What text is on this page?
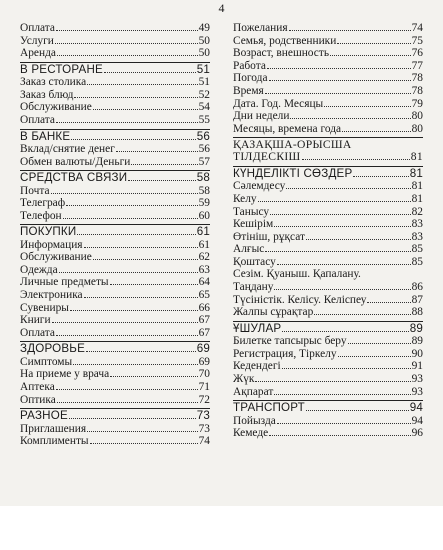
4
Оплата	49
Услуги	50
Аренда	50
В РЕСТОРАНЕ	51
Заказ столика	51
Заказ блюд	52
Обслуживание	54
Оплата	55
В БАНКЕ	56
Вклад/снятие денег	56
Обмен валюты/Деньги	57
СРЕДСТВА СВЯЗИ	58
Почта	58
Телеграф	59
Телефон	60
ПОКУПКИ	61
Информация	61
Обслуживание	62
Одежда	63
Личные предметы	64
Электроника	65
Сувениры	66
Книги	67
Оплата	67
ЗДОРОВЬЕ	69
Симптомы	69
На приеме у врача	70
Аптека	71
Оптика	72
РАЗНОЕ	73
Приглашения	73
Комплименты	74
Пожелания	74
Семья, родственники	75
Возраст, внешность	76
Работа	77
Погода	78
Время	78
Дата. Год. Месяцы	79
Дни недели	80
Месяцы, времена года	80
ҚАЗАҚША-ОРЫСША
ТІЛДЕСКІШ	81
КҮНДЕЛІКТІ СӨЗДЕР	81
Сәлемдесу	81
Келу	81
Танысу	82
Кешірім	83
Өтініш, рұқсат	83
Алғыс	85
Қоштасу	85
Сезім. Қуаныш. Қапалану.
Таңдану	86
Түсіністік. Келісу. Келіспеу	87
Жалпы сұрақтар	88
ҰШУЛАР	89
Билетке тапсырыс беру	89
Регистрация, Тіркелу	90
Кедендегі	91
Жүк	93
Ақпарат	93
ТРАНСПОРТ	94
Пойызда	94
Кемеде	96
